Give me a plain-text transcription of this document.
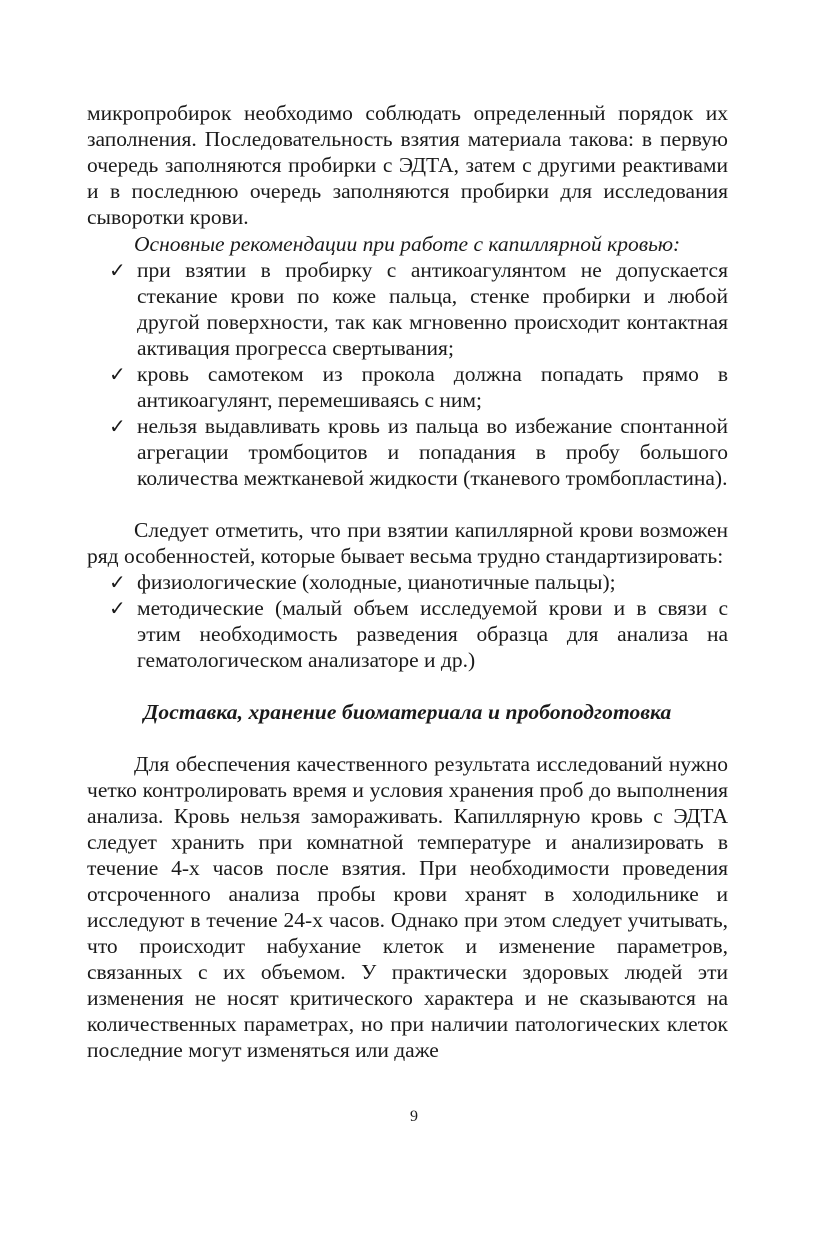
микропробирок необходимо соблюдать определенный порядок их заполнения. Последовательность взятия материала такова: в первую очередь заполняются пробирки с ЭДТА, затем с другими реактивами и в последнюю очередь заполняются пробирки для исследования сыворотки крови.

Основные рекомендации при работе с капиллярной кровью:

✓ при взятии в пробирку с антикоагулянтом не допускается стекание крови по коже пальца, стенке пробирки и любой другой поверхности, так как мгновенно происходит контактная активация прогресса свертывания;
✓ кровь самотеком из прокола должна попадать прямо в антикоагулянт, перемешиваясь с ним;
✓ нельзя выдавливать кровь из пальца во избежание спонтанной агрегации тромбоцитов и попадания в пробу большого количества межтканевой жидкости (тканевого тромбопластина).

Следует отметить, что при взятии капиллярной крови возможен ряд особенностей, которые бывает весьма трудно стандартизировать:

✓ физиологические (холодные, цианотичные пальцы);
✓ методические (малый объем исследуемой крови и в связи с этим необходимость разведения образца для анализа на гематологическом анализаторе и др.)

Доставка, хранение биоматериала и пробоподготовка

Для обеспечения качественного результата исследований нужно четко контролировать время и условия хранения проб до выполнения анализа. Кровь нельзя замораживать. Капиллярную кровь с ЭДТА следует хранить при комнатной температуре и анализировать в течение 4-х часов после взятия. При необходимости проведения отсроченного анализа пробы крови хранят в холодильнике и исследуют в течение 24-х часов. Однако при этом следует учитывать, что происходит набухание клеток и изменение параметров, связанных с их объемом. У практически здоровых людей эти изменения не носят критического характера и не сказываются на количественных параметрах, но при наличии патологических клеток последние могут изменяться или даже

9
